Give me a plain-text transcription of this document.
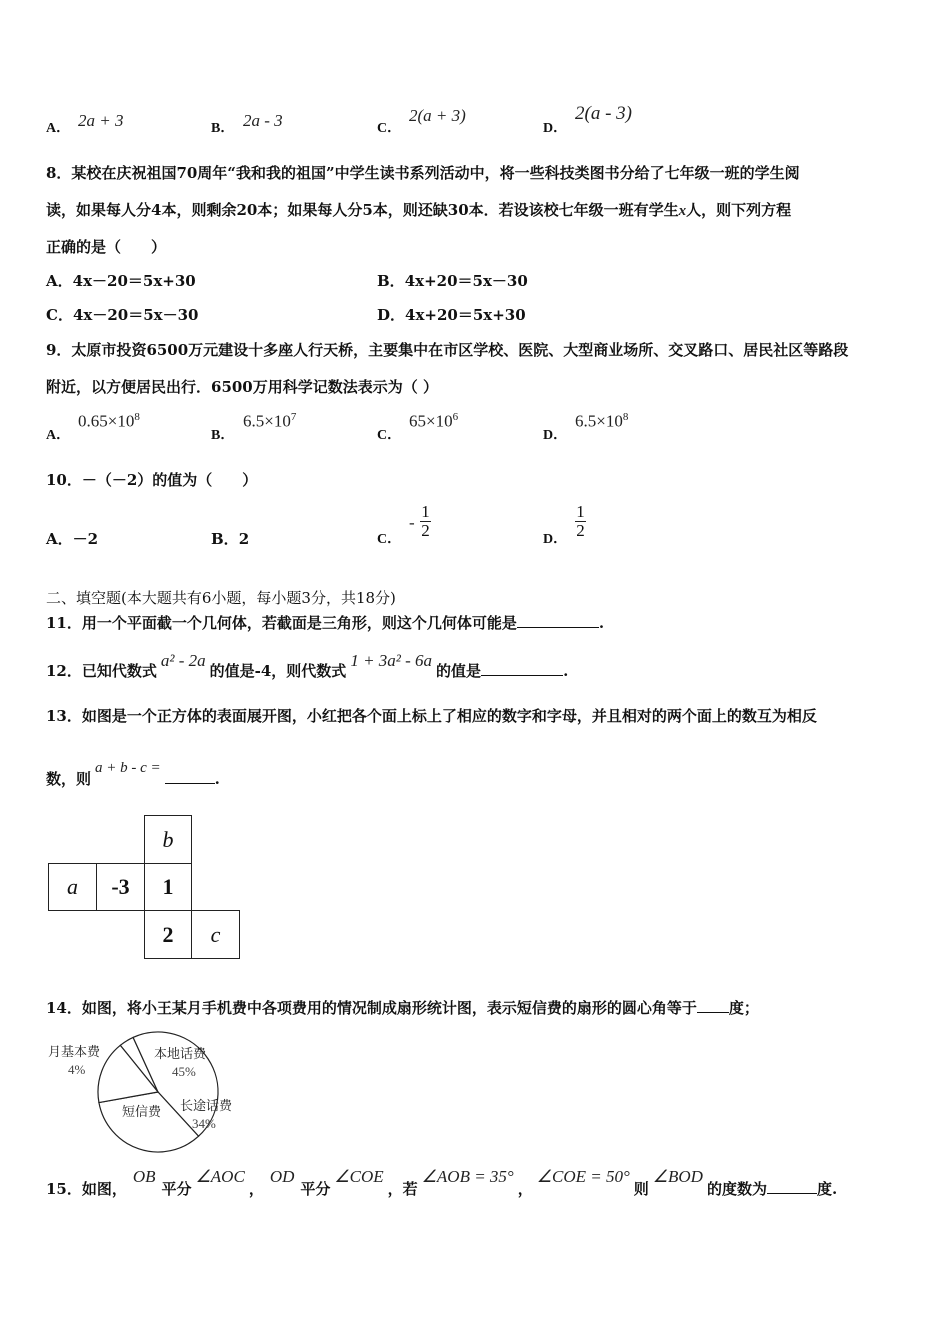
A． 2a + 3	B． 2a - 3	C．
2(a + 3)
D．
2(a - 3)
8．某校在庆祝祖国70周年“我和我的祖国”中学生读书系列活动中，将一些科技类图书分给了七年级一班的学生阅
读，如果每人分4本，则剩余20本；如果每人分5本，则还缺30本．若设该校七年级一班有学生x人，则下列方程
正确的是（　　）
A．4x－20＝5x+30	B．4x+20＝5x－30
C．4x－20＝5x－30	D．4x+20＝5x+30
9．太原市投资6500万元建设十多座人行天桥，主要集中在市区学校、医院、大型商业场所、交叉路口、居民社区等路段
附近，以方便居民出行．6500万用科学记数法表示为（ ）
A．
$0.65\times 10^8$
B．
$6.5\times 10^7$
C．
$65\times 10^6$
D．
$6.5\times 10^8$
10．－（－2）的值为（　　）
A．－2	B．2	C．
-
1
2	D．
1
2
二、填空题(本大题共有6小题，每小题3分，共18分)
11．用一个平面截一个几何体，若截面是三角形，则这个几何体可能是	.
12．已知代数式a² - 2a的值是-4，则代数式1 + 3a² - 6a的值是	.
13．如图是一个正方体的表面展开图，小红把各个面上标上了相应的数字和字母，并且相对的两个面上的数互为相反
数，则a + b - c =.
b
a	-3	1
2	c
14．如图，将小王某月手机费中各项费用的情况制成扇形统计图，表示短信费的扇形的圆心角等于 度；
月基本费
4%
本地话费
45%
长途话费
34%
短信费
15．如图，OB平分∠AOC，OD平分∠COE，若∠AOB = 35°，∠COE = 50°则∠BOD的度数为	度.
